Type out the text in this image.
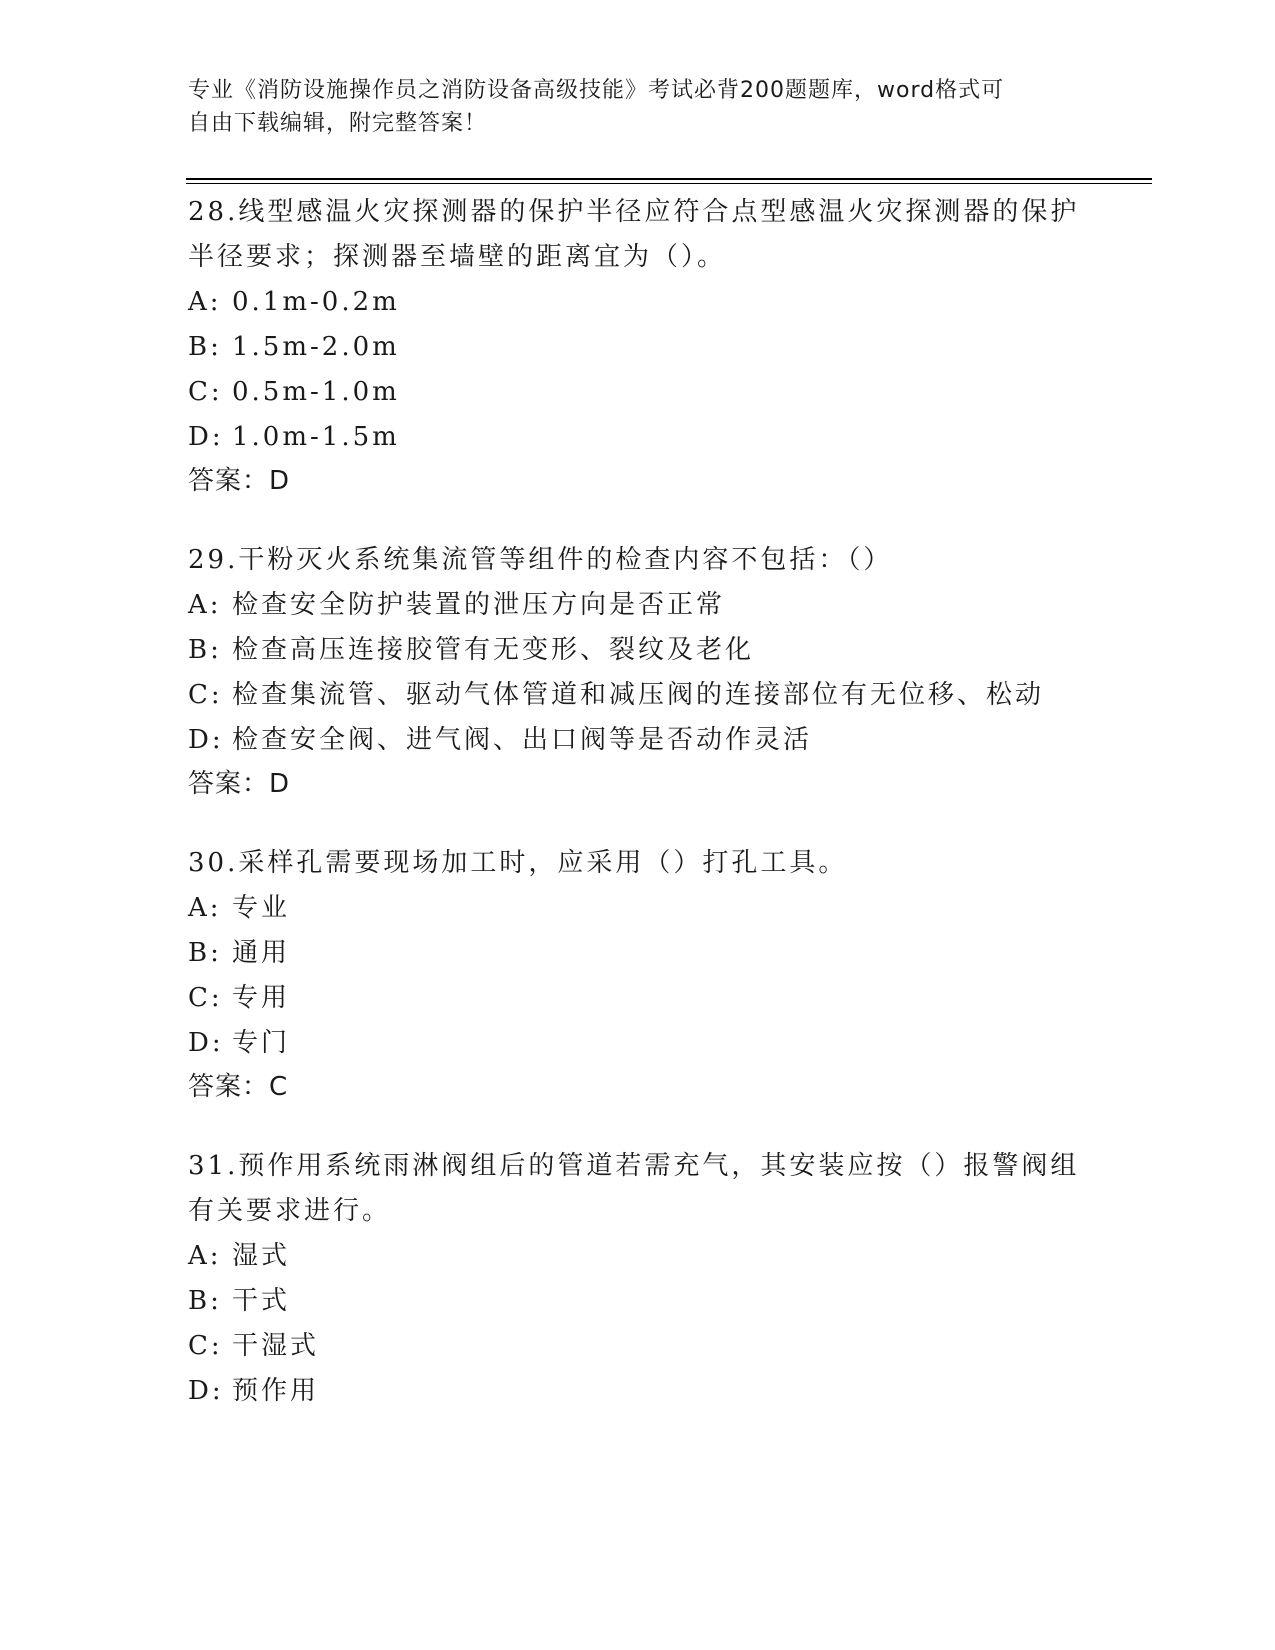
专业《消防设施操作员之消防设备高级技能》考试必背200题题库，word格式可
自由下载编辑，附完整答案！

28.线型感温火灾探测器的保护半径应符合点型感温火灾探测器的保护半径要求；探测器至墙壁的距离宜为（）。

A: 0.1m-0.2m

B: 1.5m-2.0m

C: 0.5m-1.0m

D: 1.0m-1.5m

答案：D

29.干粉灭火系统集流管等组件的检查内容不包括：（）

A: 检查安全防护装置的泄压方向是否正常

B: 检查高压连接胶管有无变形、裂纹及老化

C: 检查集流管、驱动气体管道和减压阀的连接部位有无位移、松动

D: 检查安全阀、进气阀、出口阀等是否动作灵活

答案：D

30.采样孔需要现场加工时，应采用（）打孔工具。

A: 专业

B: 通用

C: 专用

D: 专门

答案：C

31.预作用系统雨淋阀组后的管道若需充气，其安装应按（）报警阀组有关要求进行。

A: 湿式

B: 干式

C: 干湿式

D: 预作用
